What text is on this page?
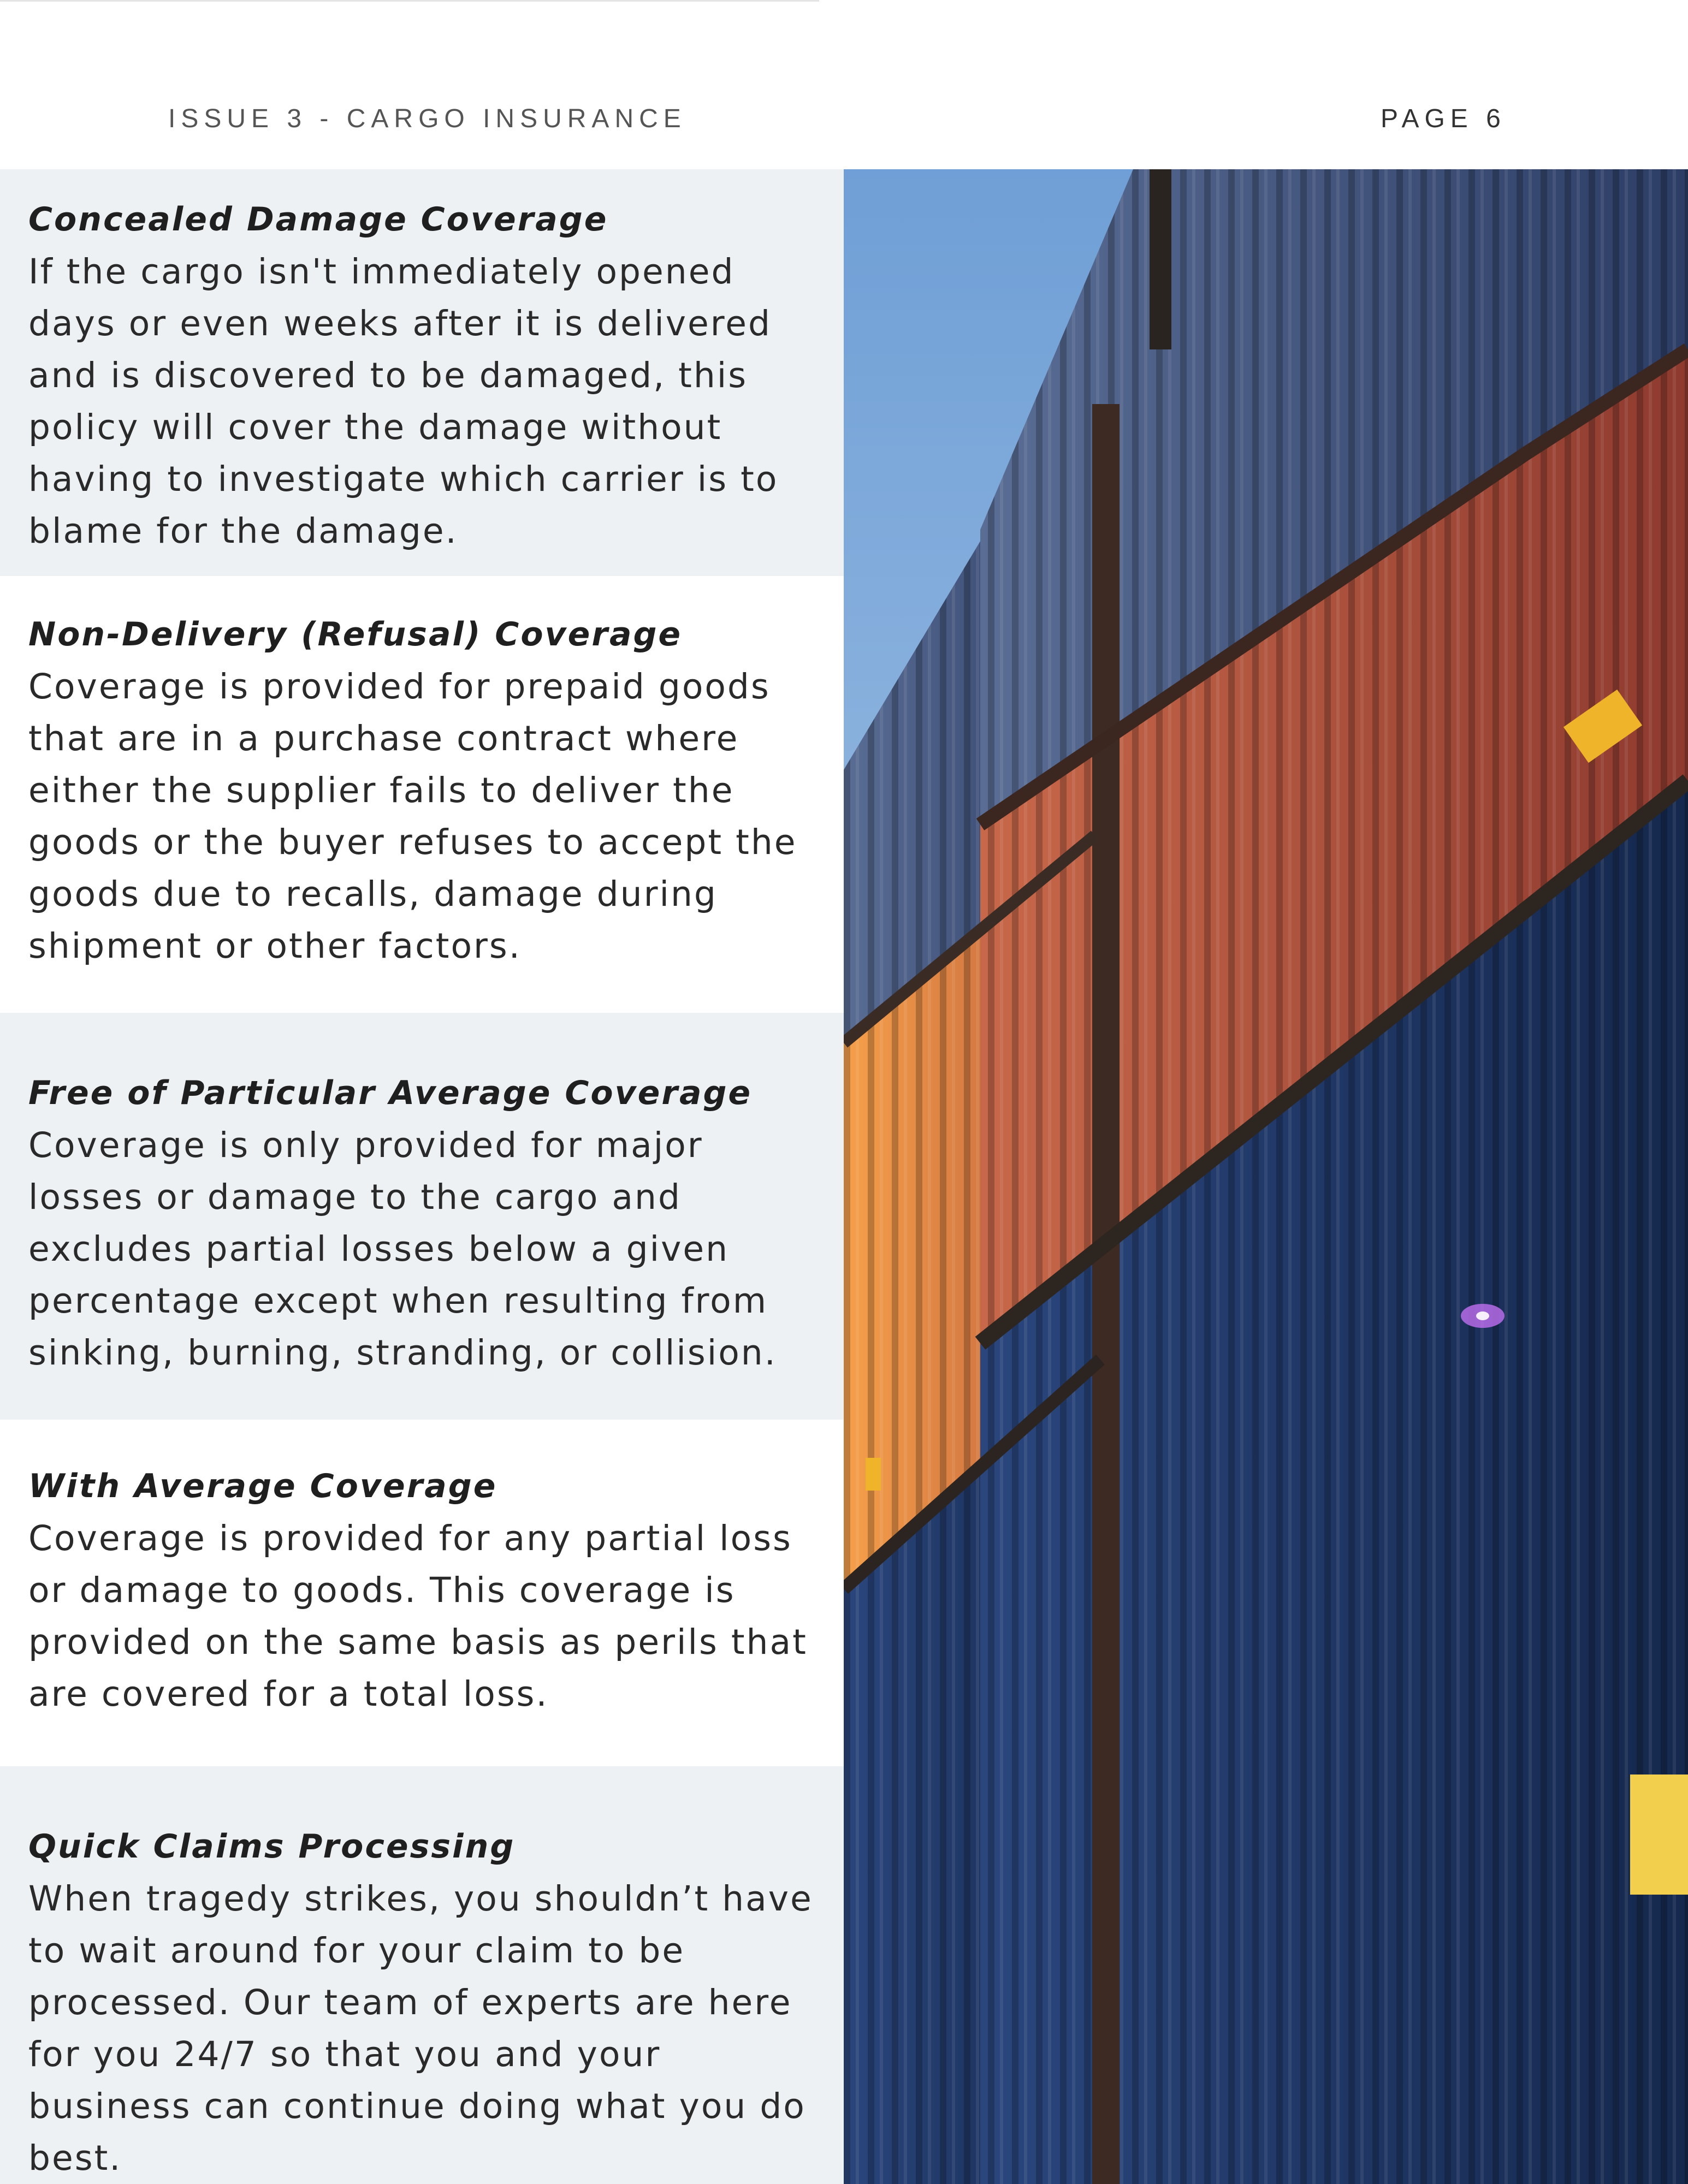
ISSUE 3 - CARGO INSURANCE	PAGE 6
Concealed Damage Coverage

If the cargo isn't immediately opened days or even weeks after it is delivered and is discovered to be damaged, this policy will cover the damage without having to investigate which carrier is to blame for the damage.

Non-Delivery (Refusal) Coverage

Coverage is provided for prepaid goods that are in a purchase contract where either the supplier fails to deliver the goods or the buyer refuses to accept the goods due to recalls, damage during shipment or other factors.

Free of Particular Average Coverage

Coverage is only provided for major losses or damage to the cargo and excludes partial losses below a given percentage except when resulting from sinking, burning, stranding, or collision.

With Average Coverage

Coverage is provided for any partial loss or damage to goods. This coverage is provided on the same basis as perils that are covered for a total loss.

Quick Claims Processing

When tragedy strikes, you shouldn’t have to wait around for your claim to be processed. Our team of experts are here for you 24/7 so that you and your business can continue doing what you do best.
